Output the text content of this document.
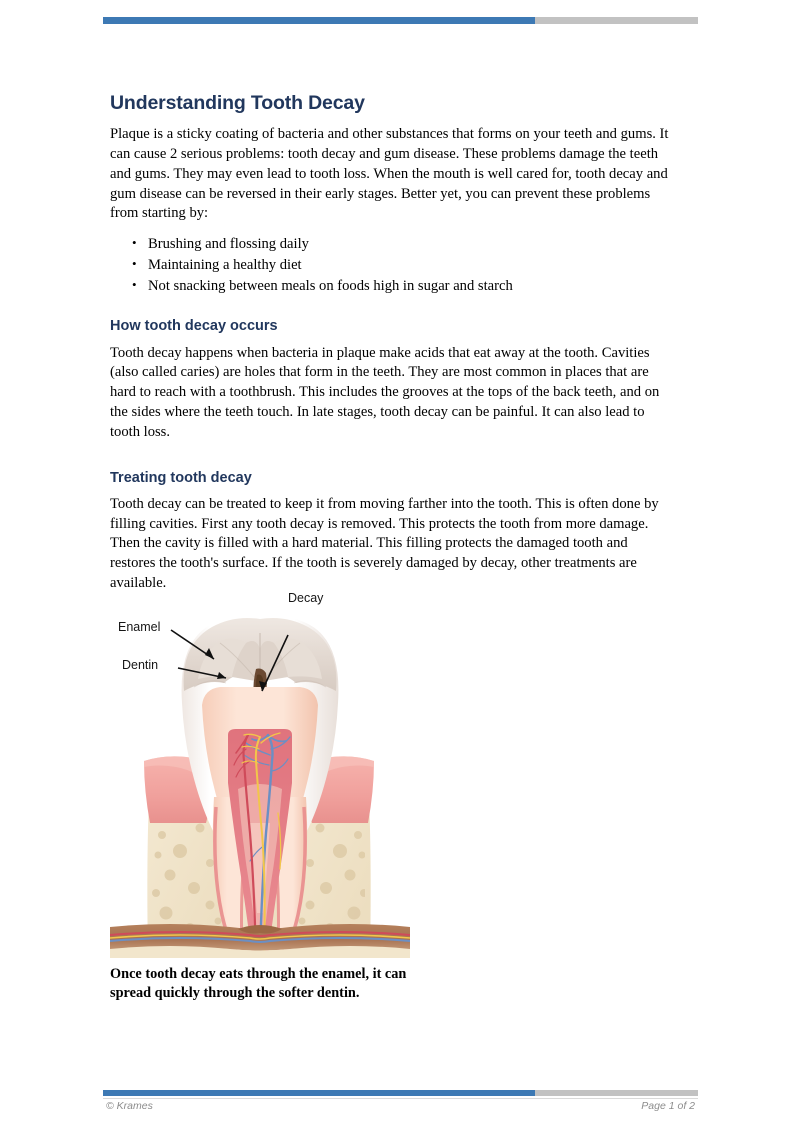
Understanding Tooth Decay

Plaque is a sticky coating of bacteria and other substances that forms on your teeth and gums. It can cause 2 serious problems: tooth decay and gum disease. These problems damage the teeth and gums. They may even lead to tooth loss. When the mouth is well cared for, tooth decay and gum disease can be reversed in their early stages. Better yet, you can prevent these problems from starting by:

• Brushing and flossing daily
• Maintaining a healthy diet
• Not snacking between meals on foods high in sugar and starch
How tooth decay occurs

Tooth decay happens when bacteria in plaque make acids that eat away at the tooth. Cavities (also called caries) are holes that form in the teeth. They are most common in places that are hard to reach with a toothbrush. This includes the grooves at the tops of the back teeth, and on the sides where the teeth touch. In late stages, tooth decay can be painful. It can also lead to tooth loss.

Treating tooth decay

Tooth decay can be treated to keep it from moving farther into the tooth. This is often done by filling cavities. First any tooth decay is removed. This protects the tooth from more damage. Then the cavity is filled with a hard material. This filling protects the damaged tooth and restores the tooth's surface. If the tooth is severely damaged by decay, other treatments are available.

Decay
Enamel
Dentin
Once tooth decay eats through the enamel, it can spread quickly through the softer dentin.
© Krames	Page 1 of 2
